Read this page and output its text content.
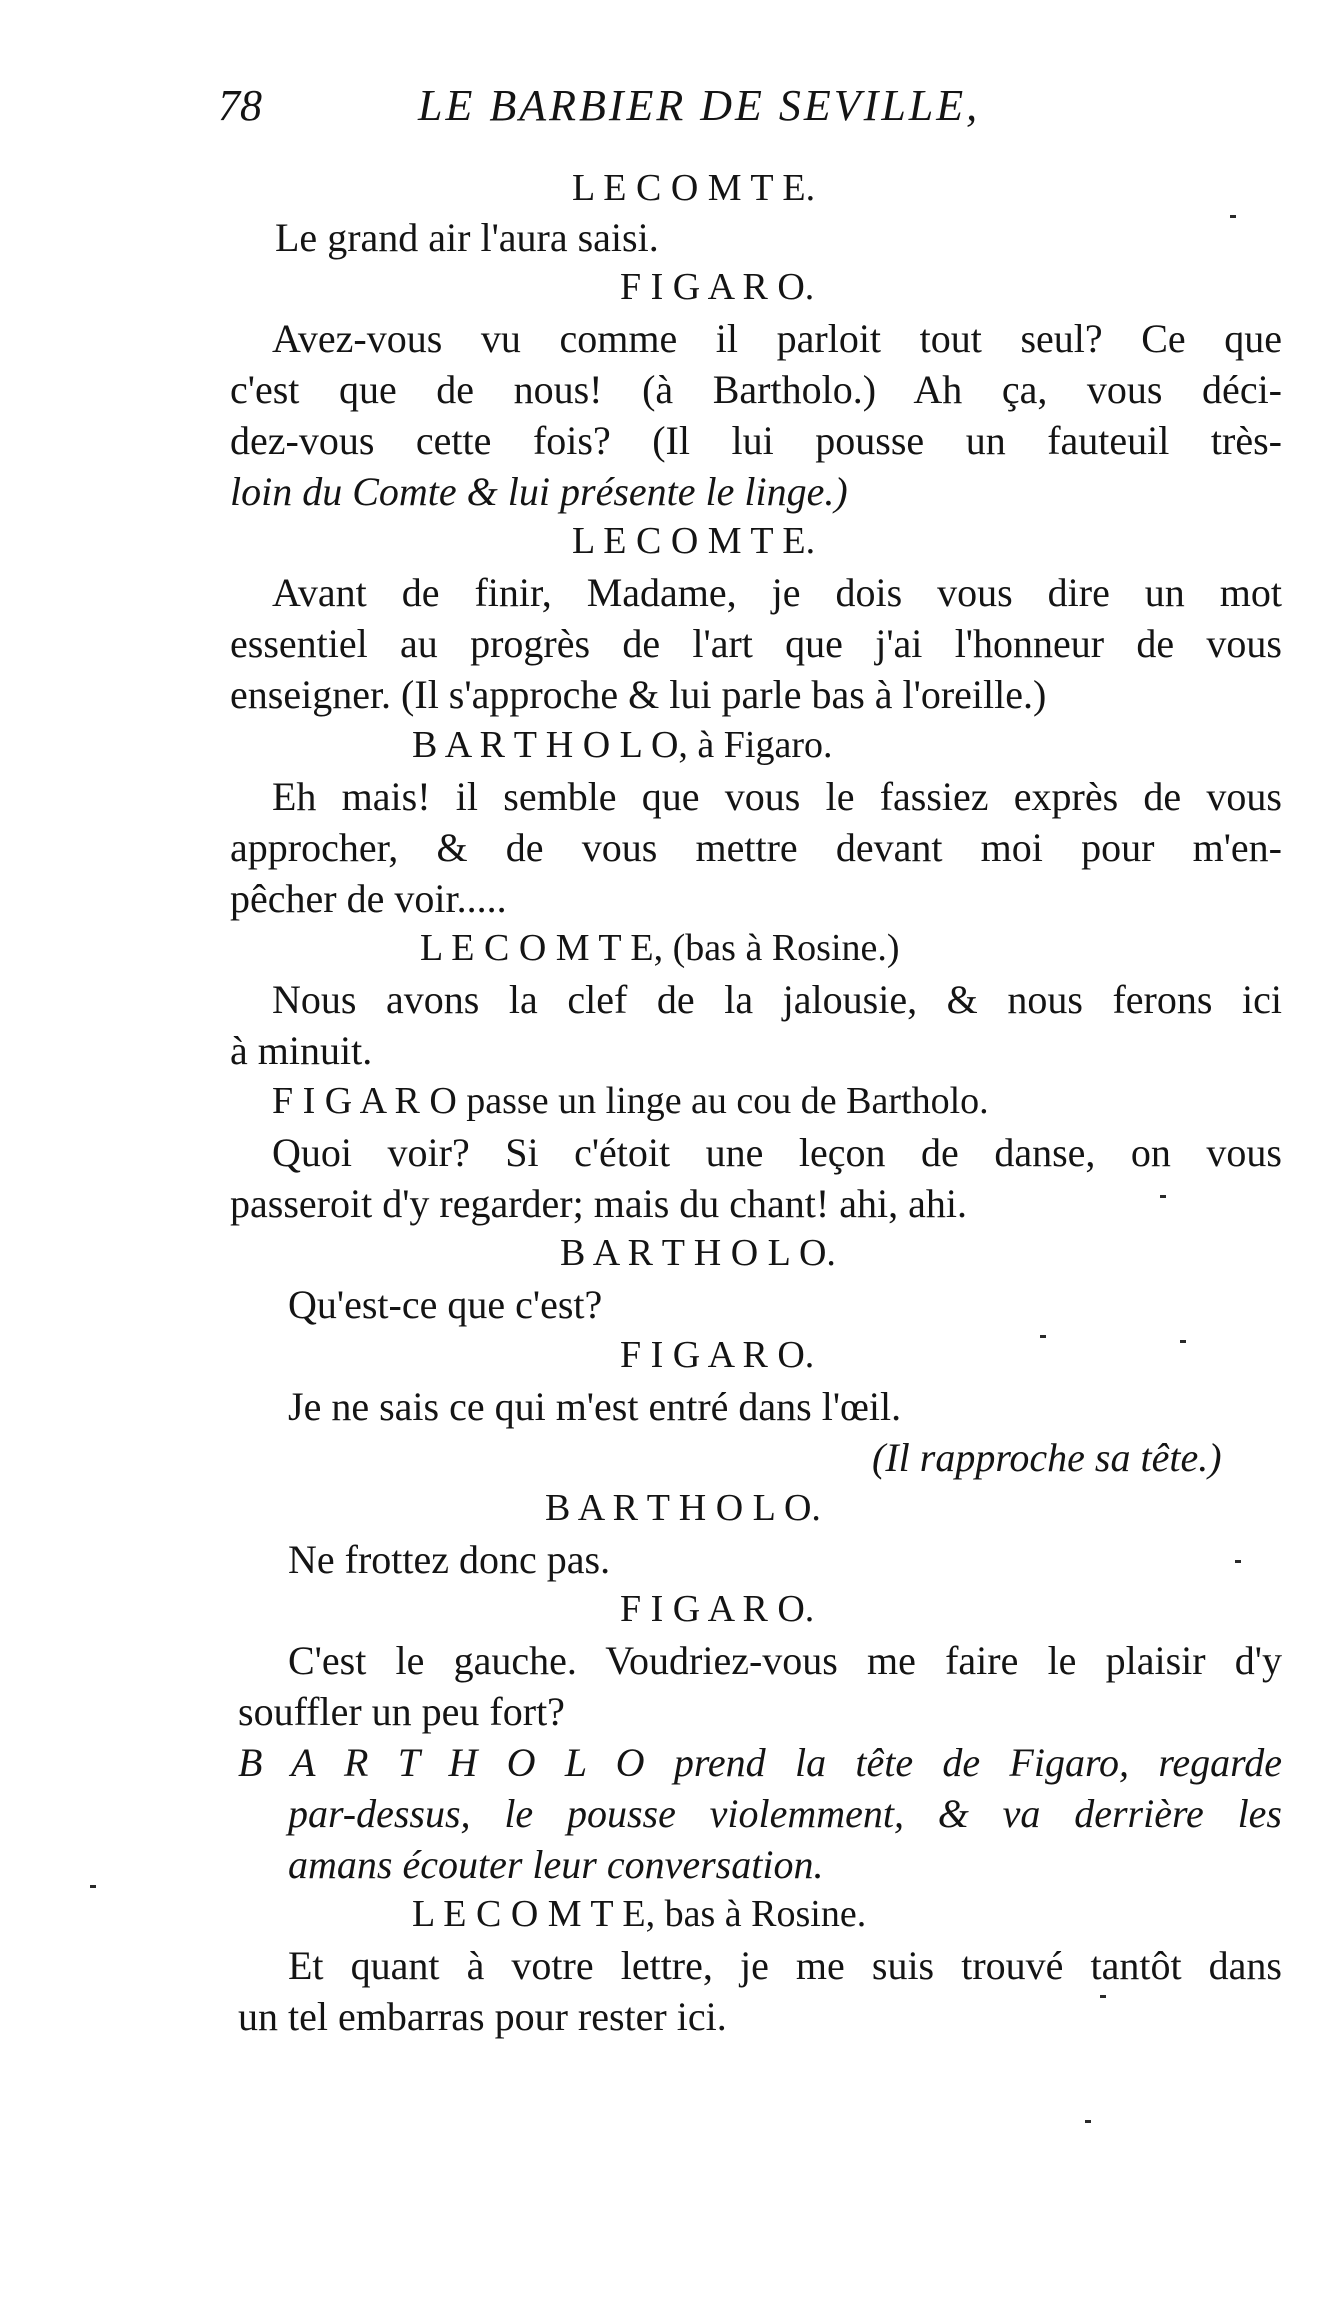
78	LE BARBIER DE SEVILLE,
L E C O M T E.
Le grand air l'aura saisi.
F I G A R O.
Avez-vous vu comme il parloit tout seul? Ce que
c'est que de nous! (à Bartholo.) Ah ça, vous déci-
dez-vous cette fois? (Il lui pousse un fauteuil très-
loin du Comte & lui présente le linge.)
L E C O M T E.
Avant de finir, Madame, je dois vous dire un mot
essentiel au progrès de l'art que j'ai l'honneur de vous
enseigner. (Il s'approche & lui parle bas à l'oreille.)
B A R T H O L O, à Figaro.
Eh mais! il semble que vous le fassiez exprès de vous
approcher, & de vous mettre devant moi pour m'en-
pêcher de voir.....
L E C O M T E, (bas à Rosine.)
Nous avons la clef de la jalousie, & nous ferons ici
à minuit.
F I G A R O passe un linge au cou de Bartholo.
Quoi voir? Si c'étoit une leçon de danse, on vous
passeroit d'y regarder; mais du chant! ahi, ahi.
B A R T H O L O.
Qu'est-ce que c'est?
F I G A R O.
Je ne sais ce qui m'est entré dans l'œil.
(Il rapproche sa tête.)
B A R T H O L O.
Ne frottez donc pas.
F I G A R O.
C'est le gauche. Voudriez-vous me faire le plaisir d'y
souffler un peu fort?
B A R T H O L O prend la tête de Figaro, regarde
par-dessus, le pousse violemment, & va derrière les
amans écouter leur conversation.
L E C O M T E, bas à Rosine.
Et quant à votre lettre, je me suis trouvé tantôt dans
un tel embarras pour rester ici.
